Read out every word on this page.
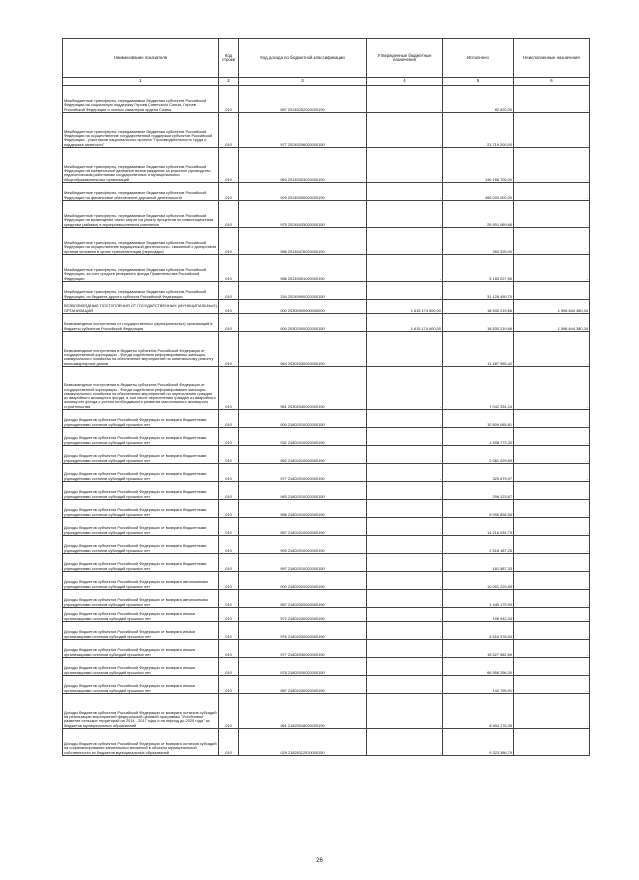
Наименование показателя	Код строки	Код дохода по бюджетной классификации	Утвержденные бюджетные назначения	Исполнено	Неисполненные назначения
1	2	3	4	5	6
Межбюджетные трансферты, передаваемые бюджетам субъектов Российской Федерации на социальную поддержку Героев Советского Союза, Героев Российской Федерации и полных кавалеров ордена Славы	010	987 20245252020000150	-	82 620,00	-
Межбюджетные трансферты, передаваемые бюджетам субъектов Российской Федерации на осуществление государственной поддержки субъектов Российской Федерации - участников национального проекта "Производительность труда и поддержка занятости"	010	977 20245296020000150	-	21 719 200,00	-
Межбюджетные трансферты, передаваемые бюджетам субъектов Российской Федерации на ежемесячное денежное вознаграждение за классное руководство педагогическим работникам государственных и муниципальных общеобразовательных организаций	010	963 20245303020000150	-	146 166 700,00	-
Межбюджетные трансферты, передаваемые бюджетам субъектов Российской Федерации на финансовое обеспечение дорожной деятельности	010	929 20245390020000150	-	455 000 000,00	-
Межбюджетные трансферты, передаваемые бюджетам субъектов Российской Федерации на возмещение части затрат на уплату процентов по инвестиционным кредитам (займам) в агропромышленном комплексе	010	975 20245433020000150	-	29 901 069,66	-
Межбюджетные трансферты, передаваемые бюджетам субъектов Российской Федерации на осуществление медицинской деятельности, связанной с донорством органов человека в целях трансплантации (пересадки)	010	986 20245476020000150	-	260 325,00	-
Межбюджетные трансферты, передаваемые бюджетам субъектов Российской Федерации, за счет средств резервного фонда Правительства Российской Федерации	010	986 20249001020000150	-	5 183 227,50	-
Межбюджетные трансферты, передаваемые бюджетам субъектов Российской Федерации, из бюджета другого субъекта Российской Федерации	010	254 20249990020000150	-	31 128 490,70	-
БЕЗВОЗМЕЗДНЫЕ ПОСТУПЛЕНИЯ ОТ ГОСУДАРСТВЕННЫХ (МУНИЦИПАЛЬНЫХ) ОРГАНИЗАЦИЙ	010	000 20300000000000000	1 615 174 600,00	18 530 219,66	1 596 644 380,34
Безвозмездные поступления от государственных (муниципальных) организаций в бюджеты субъектов Российской Федерации	010	000 20302000020000150	1 615 174 600,00	18 530 219,66	1 596 644 380,34
Безвозмездные поступления в бюджеты субъектов Российской Федерации от государственной корпорации - Фонда содействия реформированию жилищно-коммунального хозяйства на обеспечение мероприятий по капитальному ремонту многоквартирных домов	010	964 20302030020000150	-	11 487 965,42	-
Безвозмездные поступления в бюджеты субъектов Российской Федерации от государственной корпорации - Фонда содействия реформированию жилищно-коммунального хозяйства на обеспечение мероприятий по переселению граждан из аварийного жилищного фонда, в том числе переселению граждан из аварийного жилищного фонда с учетом необходимости развития малоэтажного жилищного строительства	010	961 20302040020000150	-	7 042 254,24	-
Доходы бюджетов субъектов Российской Федерации от возврата бюджетными учреждениями остатков субсидий прошлых лет	010	000 21802010020000150	-	10 509 065,81	-
Доходы бюджетов субъектов Российской Федерации от возврата бюджетными учреждениями остатков субсидий прошлых лет	010	932 21802010020000150	-	1 508 773,30	-
Доходы бюджетов субъектов Российской Федерации от возврата бюджетными учреждениями остатков субсидий прошлых лет	010	962 21802010020000150	-	2 061 029,69	-
Доходы бюджетов субъектов Российской Федерации от возврата бюджетными учреждениями остатков субсидий прошлых лет	010	977 21802010020000150	-	325 679,07	-
Доходы бюджетов субъектов Российской Федерации от возврата бюджетными учреждениями остатков субсидий прошлых лет	010	983 21802010020000150	-	296 123,67	-
Доходы бюджетов субъектов Российской Федерации от возврата бюджетными учреждениями остатков субсидий прошлых лет	010	986 21802010020000150	-	5 095 858,56	-
Доходы бюджетов субъектов Российской Федерации от возврата бюджетными учреждениями остатков субсидий прошлых лет	010	987 21802010020000150	-	14 216 034,75	-
Доходы бюджетов субъектов Российской Федерации от возврата бюджетными учреждениями остатков субсидий прошлых лет	010	993 21802010020000150	-	2 518 187,25	-
Доходы бюджетов субъектов Российской Федерации от возврата бюджетными учреждениями остатков субсидий прошлых лет	010	997 21802010020000150	-	181 587,33	-
Доходы бюджетов субъектов Российской Федерации от возврата автономными учреждениями остатков субсидий прошлых лет	010	000 21802020020000150	-	10 051 229,69	-
Доходы бюджетов субъектов Российской Федерации от возврата автономными учреждениями остатков субсидий прошлых лет	010	987 21802020020000150	-	1 440 175,90	-
Доходы бюджетов субъектов Российской Федерации от возврата иными организациями остатков субсидий прошлых лет	010	972 21802030020000150	-	196 942,34	-
Доходы бюджетов субъектов Российской Федерации от возврата иными организациями остатков субсидий прошлых лет	010	976 21802030020000150	-	4 616 378,54	-
Доходы бюджетов субъектов Российской Федерации от возврата иными организациями остатков субсидий прошлых лет	010	977 21802030020000150	-	15 527 582,69	-
Доходы бюджетов субъектов Российской Федерации от возврата иными организациями остатков субсидий прошлых лет	010	978 21802030020000150	-	66 958 296,30	-
Доходы бюджетов субъектов Российской Федерации от возврата иными организациями остатков субсидий прошлых лет	010	987 21802030020000150	-	140 795,91	-
Доходы бюджетов субъектов Российской Федерации от возврата остатков субсидий на реализацию мероприятий федеральной целевой программы "Устойчивое развитие сельских территорий на 2014 - 2017 годы и на период до 2020 года" из бюджетов муниципальных образований	010	961 21825018020000150	-	8 604 175,35	-
Доходы бюджетов субъектов Российской Федерации от возврата остатков субсидий на софинансирование капитальных вложений в объекты муниципальной собственности из бюджетов муниципальных образований	010	029 21825112020000150	-	9 323 366,79	-
26
